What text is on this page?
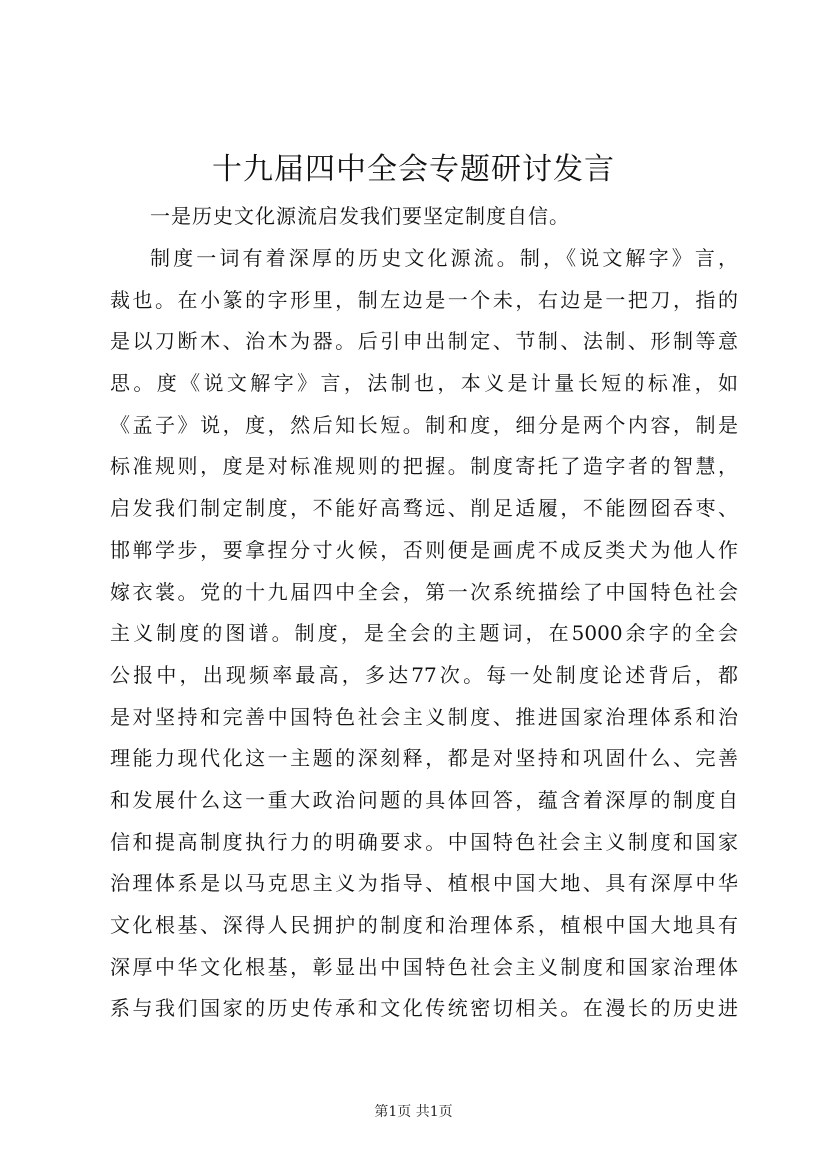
十九届四中全会专题研讨发言

一是历史文化源流启发我们要坚定制度自信。

制度一词有着深厚的历史文化源流。制，《说文解字》言，
裁也。在小篆的字形里，制左边是一个未，右边是一把刀，指的
是以刀断木、治木为器。后引申出制定、节制、法制、形制等意
思。度《说文解字》言，法制也，本义是计量长短的标准，如
《孟子》说，度，然后知长短。制和度，细分是两个内容，制是
标准规则，度是对标准规则的把握。制度寄托了造字者的智慧，
启发我们制定制度，不能好高骛远、削足适履，不能囫囵吞枣、
邯郸学步，要拿捏分寸火候，否则便是画虎不成反类犬为他人作
嫁衣裳。党的十九届四中全会，第一次系统描绘了中国特色社会
主义制度的图谱。制度，是全会的主题词，在5000余字的全会
公报中，出现频率最高，多达77次。每一处制度论述背后，都
是对坚持和完善中国特色社会主义制度、推进国家治理体系和治
理能力现代化这一主题的深刻释，都是对坚持和巩固什么、完善
和发展什么这一重大政治问题的具体回答，蕴含着深厚的制度自
信和提高制度执行力的明确要求。中国特色社会主义制度和国家
治理体系是以马克思主义为指导、植根中国大地、具有深厚中华
文化根基、深得人民拥护的制度和治理体系，植根中国大地具有
深厚中华文化根基，彰显出中国特色社会主义制度和国家治理体
系与我们国家的历史传承和文化传统密切相关。在漫长的历史进
第1页 共1页
